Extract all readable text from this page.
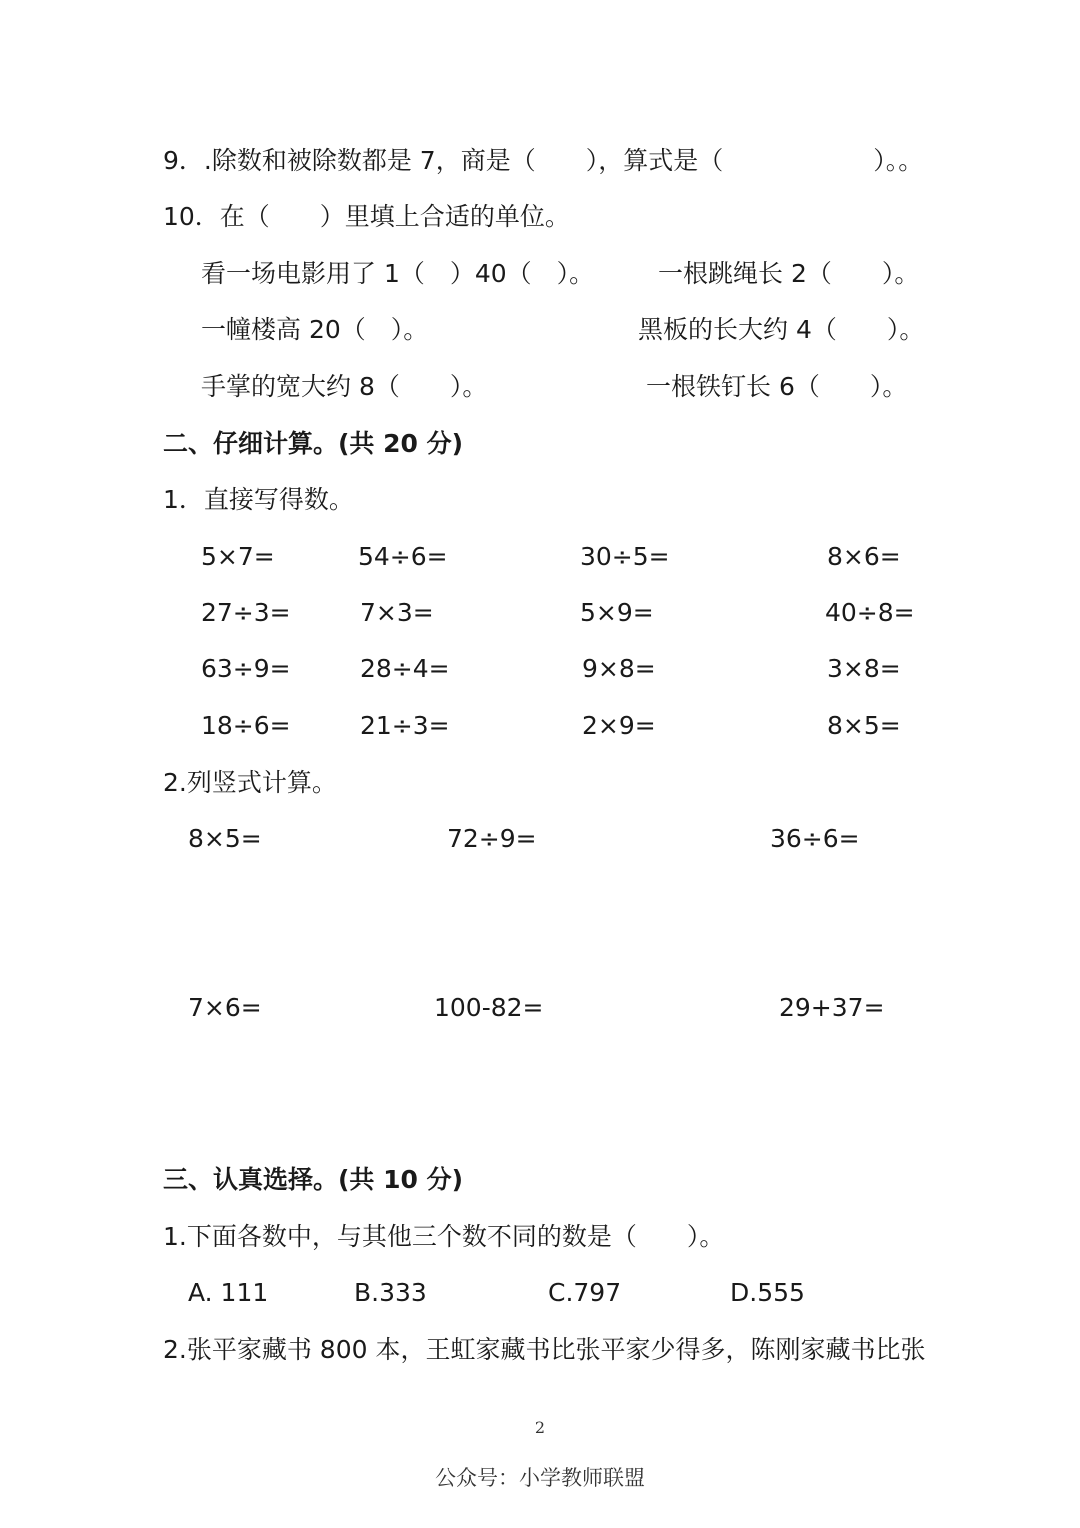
9．.除数和被除数都是 7，商是（　　），算式是（　　　　　　）。。
10．在（　　）里填上合适的单位。
看一场电影用了 1（　）40（　）。	一根跳绳长 2（　　）。
一幢楼高 20（　）。	黑板的长大约 4（　　）。
手掌的宽大约 8（　　）。	一根铁钉长 6（　　）。
二、仔细计算。(共 20 分)
1．直接写得数。
5×7=	54÷6=	30÷5=	8×6=
27÷3=	7×3=	5×9=	40÷8=
63÷9=	28÷4=	9×8=	3×8=
18÷6=	21÷3=	2×9=	8×5=
2.列竖式计算。
8×5=	72÷9=	36÷6=
7×6=	100-82=	29+37=
三、认真选择。(共 10 分)
1.下面各数中，与其他三个数不同的数是（　　）。
A. 111	B.333	C.797	D.555
2.张平家藏书 800 本，王虹家藏书比张平家少得多，陈刚家藏书比张
2
公众号：小学教师联盟
